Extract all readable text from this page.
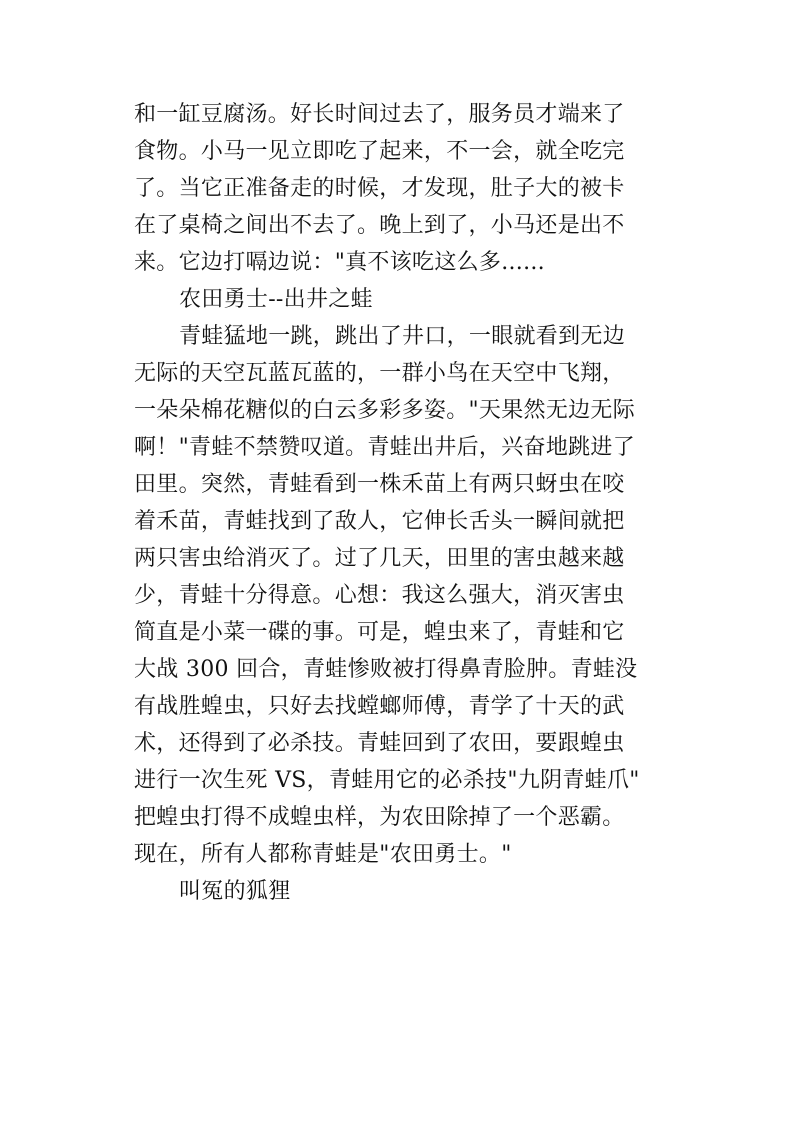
和一缸豆腐汤。好长时间过去了，服务员才端来了
食物。小马一见立即吃了起来，不一会，就全吃完
了。当它正准备走的时候，才发现，肚子大的被卡
在了桌椅之间出不去了。晚上到了，小马还是出不
来。它边打嗝边说："真不该吃这么多......
农田勇士--出井之蛙
青蛙猛地一跳，跳出了井口，一眼就看到无边
无际的天空瓦蓝瓦蓝的，一群小鸟在天空中飞翔，
一朵朵棉花糖似的白云多彩多姿。"天果然无边无际
啊！"青蛙不禁赞叹道。青蛙出井后，兴奋地跳进了
田里。突然，青蛙看到一株禾苗上有两只蚜虫在咬
着禾苗，青蛙找到了敌人，它伸长舌头一瞬间就把
两只害虫给消灭了。过了几天，田里的害虫越来越
少，青蛙十分得意。心想：我这么强大，消灭害虫
简直是小菜一碟的事。可是，蝗虫来了，青蛙和它
大战 300 回合，青蛙惨败被打得鼻青脸肿。青蛙没
有战胜蝗虫，只好去找螳螂师傅，青学了十天的武
术，还得到了必杀技。青蛙回到了农田，要跟蝗虫
进行一次生死 VS，青蛙用它的必杀技"九阴青蛙爪"
把蝗虫打得不成蝗虫样，为农田除掉了一个恶霸。
现在，所有人都称青蛙是"农田勇士。"
叫冤的狐狸
